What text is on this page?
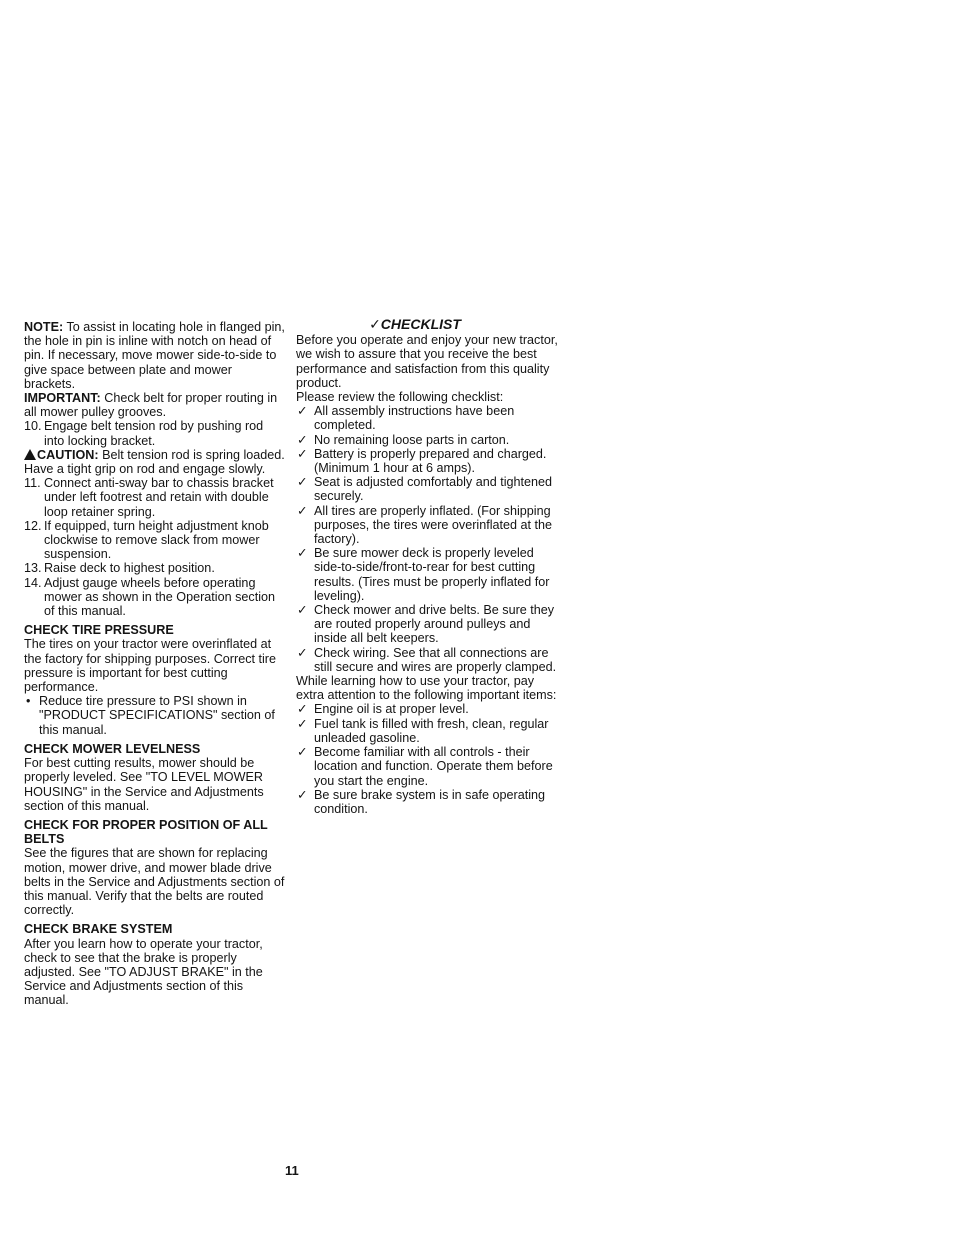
NOTE: To assist in locating hole in flanged pin, the hole in pin is inline with notch on head of pin. If necessary, move mower side-to-side to give space between plate and mower brackets.

IMPORTANT: Check belt for proper routing in all mower pulley grooves.

10. Engage belt tension rod by pushing rod into locking bracket.

CAUTION: Belt tension rod is spring loaded. Have a tight grip on rod and engage slowly.

11. Connect anti-sway bar to chassis bracket under left footrest and retain with double loop retainer spring.
12. If equipped, turn height adjustment knob clockwise to remove slack from mower suspension.
13. Raise deck to highest position.
14. Adjust gauge wheels before operating mower as shown in the Operation section of this manual.

CHECK TIRE PRESSURE

The tires on your tractor were overinflated at the factory for shipping purposes. Correct tire pressure is important for best cutting performance.

• Reduce tire pressure to PSI shown in "PRODUCT SPECIFICATIONS" section of this manual.

CHECK MOWER LEVELNESS

For best cutting results, mower should be properly leveled. See "TO LEVEL MOWER HOUSING" in the Service and Adjustments section of this manual.

CHECK FOR PROPER POSITION OF ALL BELTS

See the figures that are shown for replacing motion, mower drive, and mower blade drive belts in the Service and Adjustments section of this manual. Verify that the belts are routed correctly.

CHECK BRAKE SYSTEM

After you learn how to operate your tractor, check to see that the brake is properly adjusted. See "TO ADJUST BRAKE" in the Service and Adjustments section of this manual.

✓CHECKLIST

Before you operate and enjoy your new tractor, we wish to assure that you receive the best performance and satisfaction from this quality product.

Please review the following checklist:

✓ All assembly instructions have been completed.
✓ No remaining loose parts in carton.
✓ Battery is properly prepared and charged.(Minimum 1 hour at 6 amps).
✓ Seat is adjusted comfortably and tightened securely.
✓ All tires are properly inflated. (For shipping purposes, the tires were overinflated at the factory).
✓ Be sure mower deck is properly leveled side-to-side/front-to-rear for best cutting results. (Tires must be properly inflated for leveling).
✓ Check mower and drive belts. Be sure they are routed properly around pulleys and inside all belt keepers.
✓ Check wiring. See that all connections are still secure and wires are properly clamped.

While learning how to use your tractor, pay extra attention to the following important items:

✓ Engine oil is at proper level.
✓ Fuel tank is filled with fresh, clean, regular unleaded gasoline.
✓ Become familiar with all controls - their location and function. Operate them before you start the engine.
✓ Be sure brake system is in safe operating condition.
11
